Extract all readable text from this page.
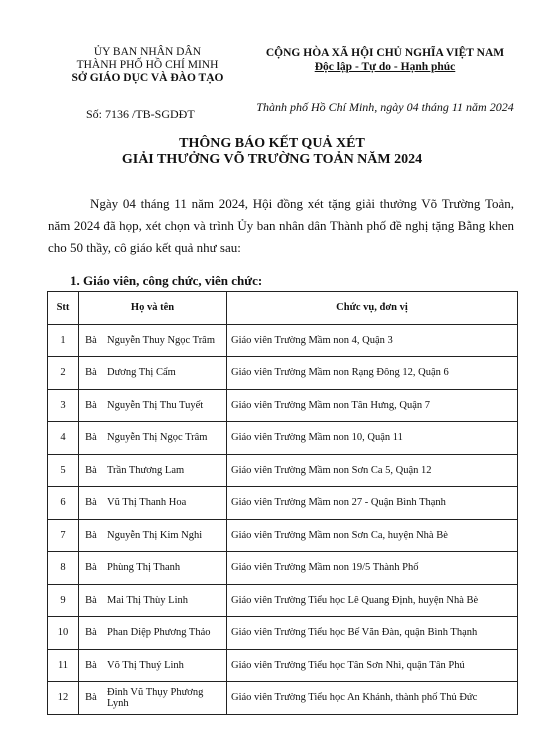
ỦY BAN NHÂN DÂN
THÀNH PHỐ HỒ CHÍ MINH
SỞ GIÁO DỤC VÀ ĐÀO TẠO
Số: 7136 /TB-SGDĐT
CỘNG HÒA XÃ HỘI CHỦ NGHĨA VIỆT NAM
Độc lập - Tự do - Hạnh phúc
Thành phố Hồ Chí Minh, ngày 04 tháng 11 năm 2024
THÔNG BÁO KẾT QUẢ XÉT
GIẢI THƯỞNG VÕ TRƯỜNG TOẢN NĂM 2024

Ngày 04 tháng 11 năm 2024, Hội đồng xét tặng giải thưởng Võ Trường Toản, năm 2024 đã họp, xét chọn và trình Ủy ban nhân dân Thành phố đề nghị tặng Bằng khen cho 50 thầy, cô giáo kết quả như sau:

1. Giáo viên, công chức, viên chức:
Stt	Họ và tên		Chức vụ, đơn vị
1	Bà	Nguyễn Thuy Ngọc Trâm	Giáo viên Trường Mầm non 4, Quận 3
2	Bà	Dương Thị Cẩm	Giáo viên Trường Mầm non Rạng Đông 12, Quận 6
3	Bà	Nguyễn Thị Thu Tuyết	Giáo viên Trường Mầm non Tân Hưng, Quận 7
4	Bà	Nguyễn Thị Ngọc Trâm	Giáo viên Trường Mầm non 10, Quận 11
5	Bà	Trần Thương Lam	Giáo viên Trường Mầm non Sơn Ca 5, Quận 12
6	Bà	Vũ Thị Thanh Hoa	Giáo viên Trường Mầm non 27 - Quận Bình Thạnh
7	Bà	Nguyễn Thị Kim Nghi	Giáo viên Trường Mầm non Sơn Ca, huyện Nhà Bè
8	Bà	Phùng Thị Thanh	Giáo viên Trường Mầm non 19/5 Thành Phố
9	Bà	Mai Thị Thùy Linh	Giáo viên Trường Tiểu học Lê Quang Định, huyện Nhà Bè
10	Bà	Phan Diệp Phương Thảo	Giáo viên Trường Tiểu học Bế Văn Đàn, quận Bình Thạnh
11	Bà	Võ Thị Thuý Linh	Giáo viên Trường Tiểu học Tân Sơn Nhì, quận Tân Phú
12	Bà	Đinh Vũ Thụy Phương Lynh	Giáo viên Trường Tiểu học An Khánh, thành phố Thủ Đức
